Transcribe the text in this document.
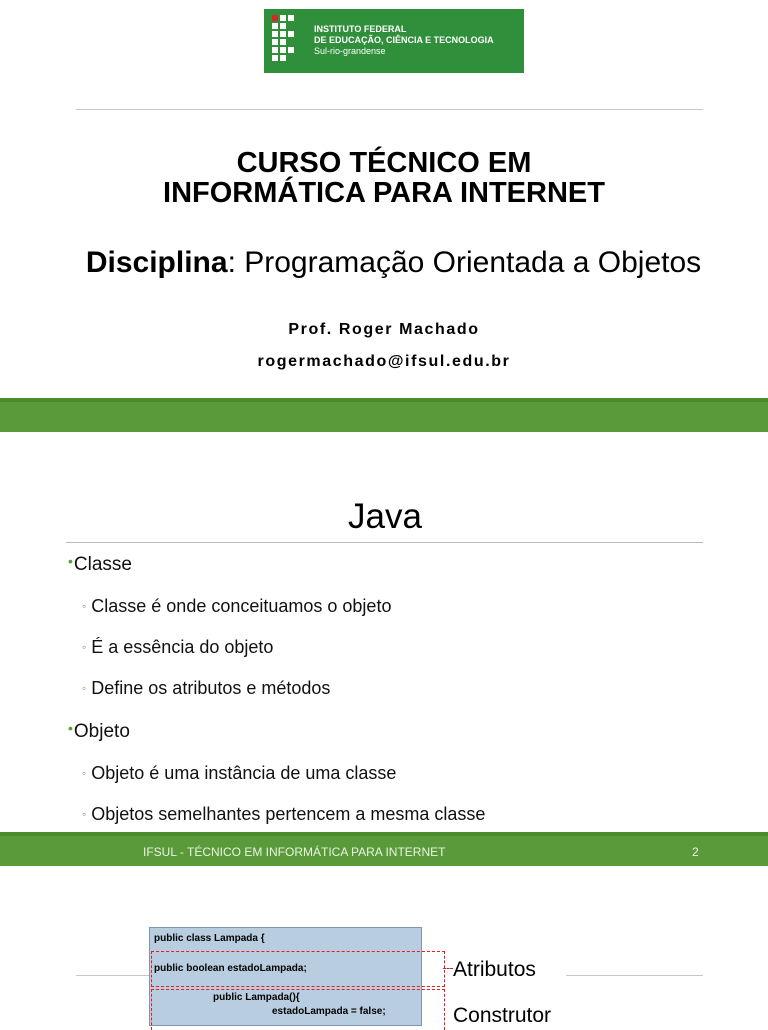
INSTITUTO FEDERAL
DE EDUCAÇÃO, CIÊNCIA E TECNOLOGIA
Sul-rio-grandense
CURSO TÉCNICO EM
INFORMÁTICA PARA INTERNET
Disciplina: Programação Orientada a Objetos
Prof. Roger Machado
rogermachado@ifsul.edu.br
Java
•Classe
◦ Classe é onde conceituamos o objeto
◦ É a essência do objeto
◦ Define os atributos e métodos
•Objeto
◦ Objeto é uma instância de uma classe
◦ Objetos semelhantes pertencem a mesma classe
IFSUL - TÉCNICO EM INFORMÁTICA PARA INTERNET	2
public class Lampada {
public boolean estadoLampada;
public Lampada(){
estadoLampada = false;
Atributos
Construtor
